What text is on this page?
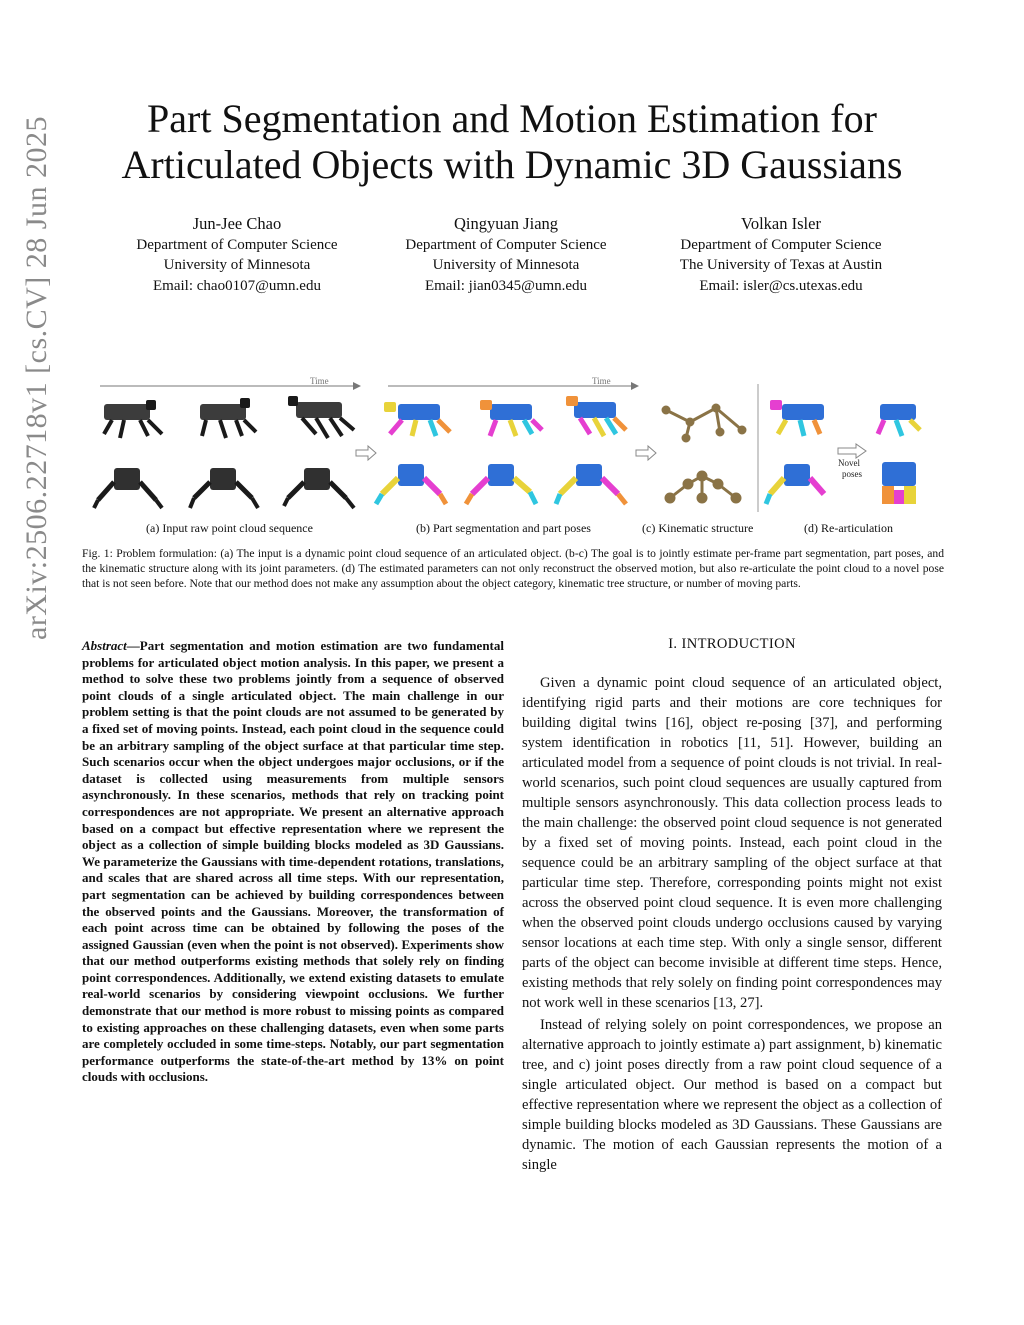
arXiv:2506.22718v1 [cs.CV] 28 Jun 2025	Part Segmentation and Motion Estimation for
Articulated Objects with Dynamic 3D Gaussians
Jun-Jee Chao
Department of Computer Science
University of Minnesota
Email: chao0107@umn.edu
Qingyuan Jiang
Department of Computer Science
University of Minnesota
Email: jian0345@umn.edu
Volkan Isler
Department of Computer Science
The University of Texas at Austin
Email: isler@cs.utexas.edu
Time	Time
Novel poses
(a) Input raw point cloud sequence	(b) Part segmentation and part poses	(c) Kinematic structure	(d) Re-articulation
Fig. 1: Problem formulation: (a) The input is a dynamic point cloud sequence of an articulated object. (b-c) The goal is to jointly estimate per-frame part segmentation, part poses, and the kinematic structure along with its joint parameters. (d) The estimated parameters can not only reconstruct the observed motion, but also re-articulate the point cloud to a novel pose that is not seen before. Note that our method does not make any assumption about the object category, kinematic tree structure, or number of moving parts.
Abstract—Part segmentation and motion estimation are two fundamental problems for articulated object motion analysis. In this paper, we present a method to solve these two problems jointly from a sequence of observed point clouds of a single articulated object. The main challenge in our problem setting is that the point clouds are not assumed to be generated by a fixed set of moving points. Instead, each point cloud in the sequence could be an arbitrary sampling of the object surface at that particular time step. Such scenarios occur when the object undergoes major occlusions, or if the dataset is collected using measurements from multiple sensors asynchronously. In these scenarios, methods that rely on tracking point correspondences are not appropriate. We present an alternative approach based on a compact but effective representation where we represent the object as a collection of simple building blocks modeled as 3D Gaussians. We parameterize the Gaussians with time-dependent rotations, translations, and scales that are shared across all time steps. With our representation, part segmentation can be achieved by building correspondences between the observed points and the Gaussians. Moreover, the transformation of each point across time can be obtained by following the poses of the assigned Gaussian (even when the point is not observed). Experiments show that our method outperforms existing methods that solely rely on finding point correspondences. Additionally, we extend existing datasets to emulate real-world scenarios by considering viewpoint occlusions. We further demonstrate that our method is more robust to missing points as compared to existing approaches on these challenging datasets, even when some parts are completely occluded in some time-steps. Notably, our part segmentation performance outperforms the state-of-the-art method by 13% on point clouds with occlusions.
I. INTRODUCTION

Given a dynamic point cloud sequence of an articulated object, identifying rigid parts and their motions are core techniques for building digital twins [16], object re-posing [37], and performing system identification in robotics [11, 51]. However, building an articulated model from a sequence of point clouds is not trivial. In real-world scenarios, such point cloud sequences are usually captured from multiple sensors asynchronously. This data collection process leads to the main challenge: the observed point cloud sequence is not generated by a fixed set of moving points. Instead, each point cloud in the sequence could be an arbitrary sampling of the object surface at that particular time step. Therefore, corresponding points might not exist across the observed point cloud sequence. It is even more challenging when the observed point clouds undergo occlusions caused by varying sensor locations at each time step. With only a single sensor, different parts of the object can become invisible at different time steps. Hence, existing methods that rely solely on finding point correspondences may not work well in these scenarios [13, 27].

Instead of relying solely on point correspondences, we propose an alternative approach to jointly estimate a) part assignment, b) kinematic tree, and c) joint poses directly from a raw point cloud sequence of a single articulated object. Our method is based on a compact but effective representation where we represent the object as a collection of simple building blocks modeled as 3D Gaussians. These Gaussians are dynamic. The motion of each Gaussian represents the motion of a single
